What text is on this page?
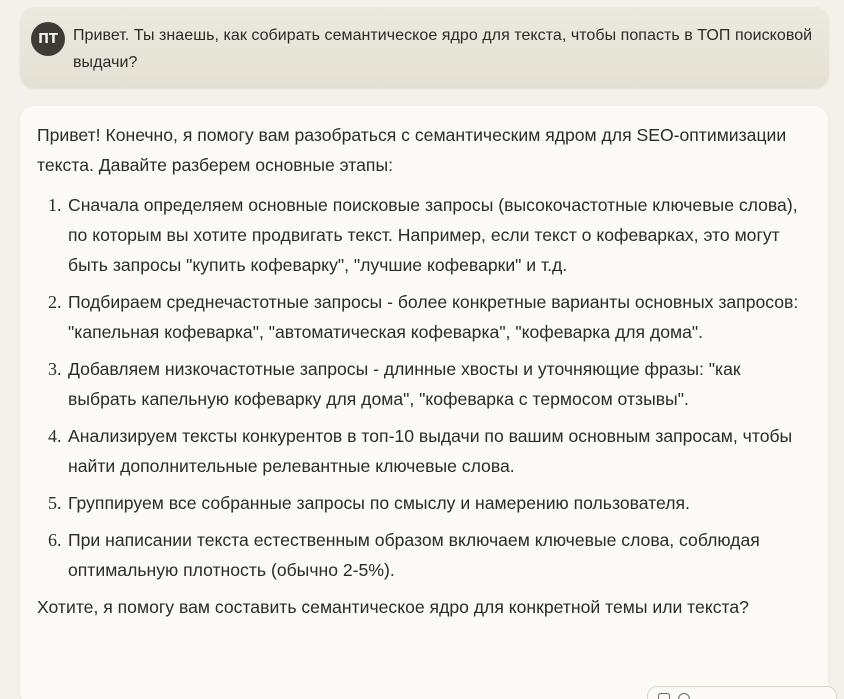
ПТ Привет. Ты знаешь, как собирать семантическое ядро для текста, чтобы попасть в ТОП поисковой выдачи?

Привет! Конечно, я помогу вам разобраться с семантическим ядром для SEO-оптимизации текста. Давайте разберем основные этапы:

1. Сначала определяем основные поисковые запросы (высокочастотные ключевые слова), по которым вы хотите продвигать текст. Например, если текст о кофеварках, это могут быть запросы "купить кофеварку", "лучшие кофеварки" и т.д.
2. Подбираем среднечастотные запросы - более конкретные варианты основных запросов: "капельная кофеварка", "автоматическая кофеварка", "кофеварка для дома".
3. Добавляем низкочастотные запросы - длинные хвосты и уточняющие фразы: "как выбрать капельную кофеварку для дома", "кофеварка с термосом отзывы".
4. Анализируем тексты конкурентов в топ-10 выдачи по вашим основным запросам, чтобы найти дополнительные релевантные ключевые слова.
5. Группируем все собранные запросы по смыслу и намерению пользователя.
6. При написании текста естественным образом включаем ключевые слова, соблюдая оптимальную плотность (обычно 2-5%).

Хотите, я помогу вам составить семантическое ядро для конкретной темы или текста?
